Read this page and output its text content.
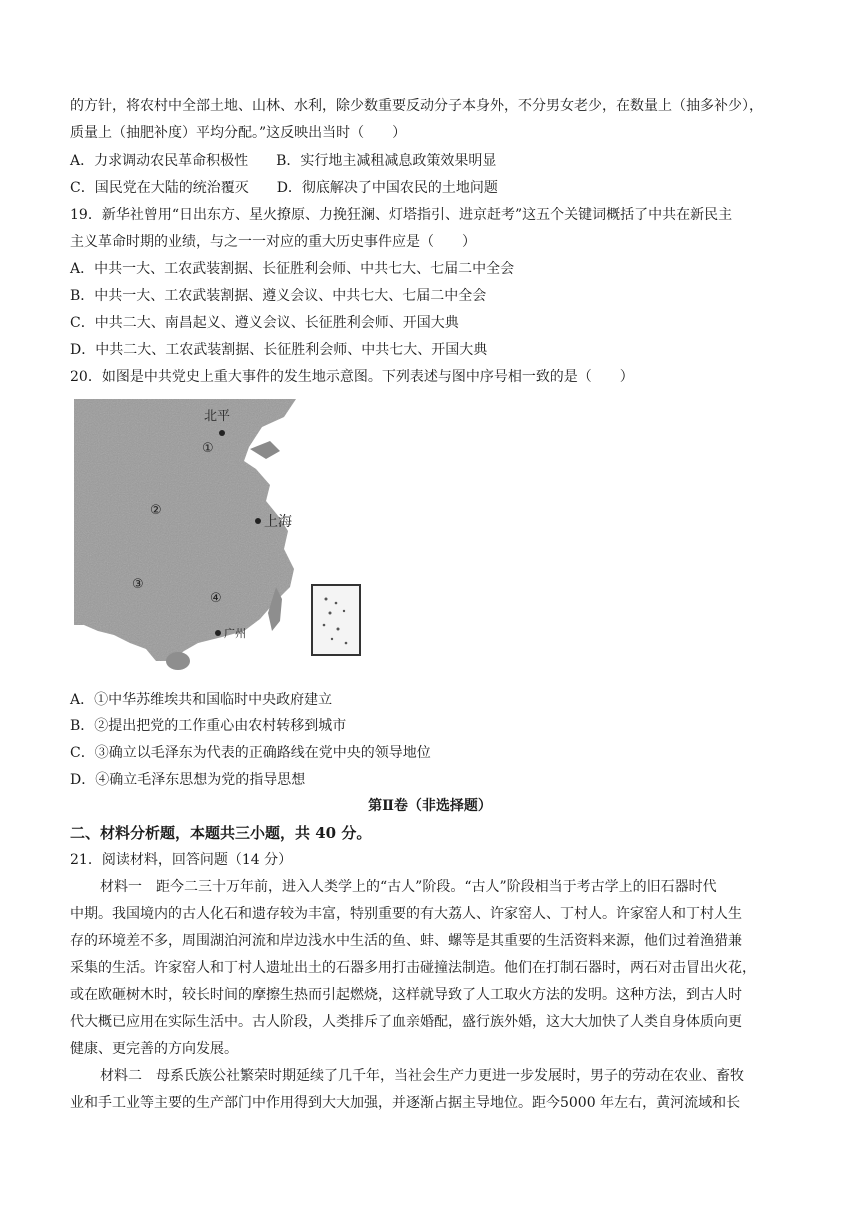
的方针，将农村中全部土地、山林、水利，除少数重要反动分子本身外，不分男女老少，在数量上（抽多补少），
质量上（抽肥补度）平均分配。”这反映出当时（　　）
A．力求调动农民革命积极性　　B．实行地主减租减息政策效果明显
C．国民党在大陆的统治覆灭　　D．彻底解决了中国农民的土地问题
19．新华社曾用“日出东方、星火撩原、力挽狂澜、灯塔指引、进京赶考”这五个关键词概括了中共在新民主
主义革命时期的业绩，与之一一对应的重大历史事件应是（　　）
A．中共一大、工农武装割据、长征胜利会师、中共七大、七届二中全会
B．中共一大、工农武装割据、遵义会议、中共七大、七届二中全会
C．中共二大、南昌起义、遵义会议、长征胜利会师、开国大典
D．中共二大、工农武装割据、长征胜利会师、中共七大、开国大典
20．如图是中共党史上重大事件的发生地示意图。下列表述与图中序号相一致的是（　　）
北平
上海
广州
①
②
③
④
A．①中华苏维埃共和国临时中央政府建立
B．②提出把党的工作重心由农村转移到城市
C．③确立以毛泽东为代表的正确路线在党中央的领导地位
D．④确立毛泽东思想为党的指导思想
第Ⅱ卷（非选择题）
二、材料分析题，本题共三小题，共 40 分。
21．阅读材料，回答问题（14 分）
材料一　距今二三十万年前，进入人类学上的“古人”阶段。“古人”阶段相当于考古学上的旧石器时代
中期。我国境内的古人化石和遗存较为丰富，特别重要的有大荔人、许家窑人、丁村人。许家窑人和丁村人生
存的环境差不多，周围湖泊河流和岸边浅水中生活的鱼、蚌、螺等是其重要的生活资料来源，他们过着渔猎兼
采集的生活。许家窑人和丁村人遗址出土的石器多用打击碰撞法制造。他们在打制石器时，两石对击冒出火花，
或在欧砸树木时，较长时间的摩擦生热而引起燃烧，这样就导致了人工取火方法的发明。这种方法，到古人时
代大概已应用在实际生活中。古人阶段，人类排斥了血亲婚配，盛行族外婚，这大大加快了人类自身体质向更
健康、更完善的方向发展。
材料二　母系氏族公社繁荣时期延续了几千年，当社会生产力更进一步发展时，男子的劳动在农业、畜牧
业和手工业等主要的生产部门中作用得到大大加强，并逐渐占据主导地位。距今5000 年左右，黄河流域和长
